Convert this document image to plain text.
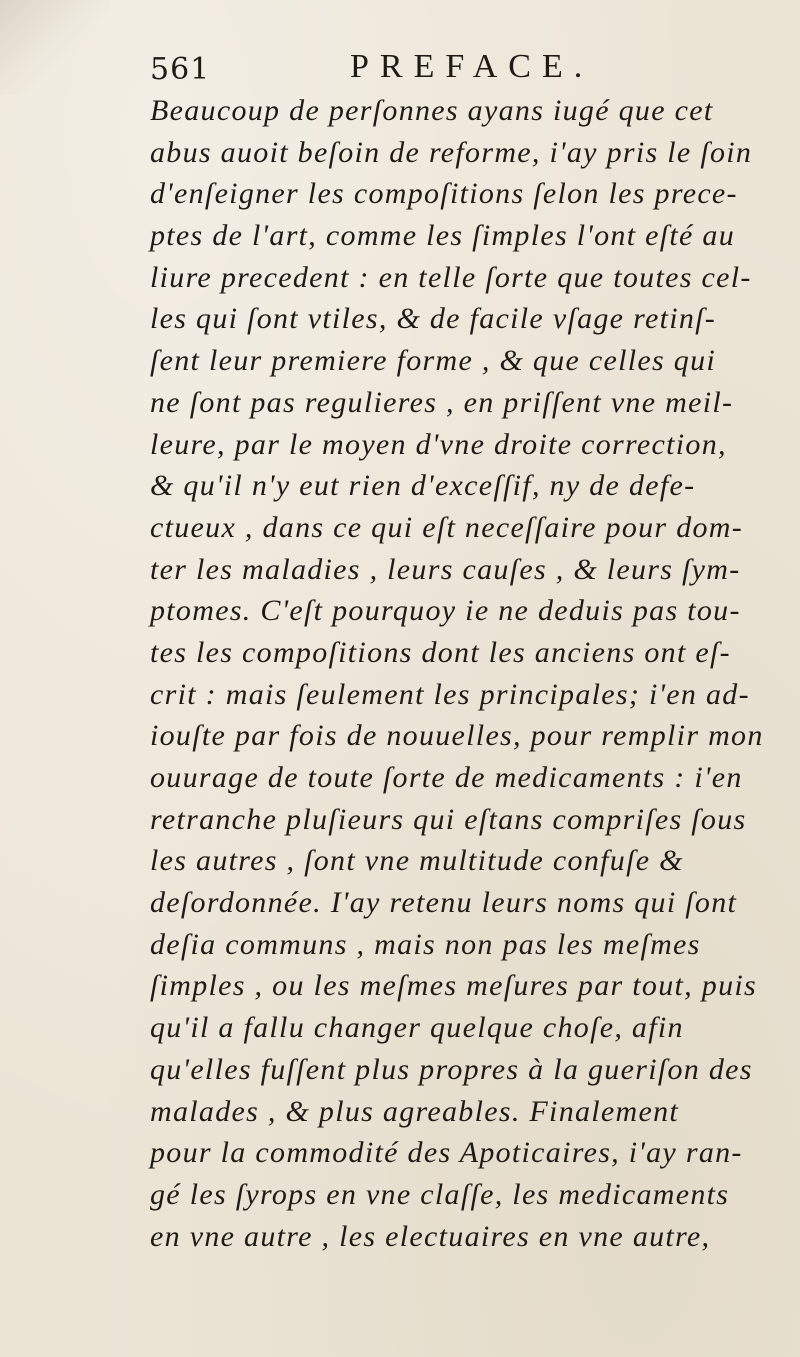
561	PREFACE.
Beaucoup de perſonnes ayans iugé que cet
abus auoit beſoin de reforme, i'ay pris le ſoin
d'enſeigner les compoſitions ſelon les prece-
ptes de l'art, comme les ſimples l'ont eſté au
liure precedent : en telle ſorte que toutes cel-
les qui ſont vtiles, & de facile vſage retinſ-
ſent leur premiere forme , & que celles qui
ne ſont pas regulieres , en priſſent vne meil-
leure, par le moyen d'vne droite correction,
& qu'il n'y eut rien d'exceſſif, ny de defe-
ctueux , dans ce qui eſt neceſſaire pour dom-
ter les maladies , leurs cauſes , & leurs ſym-
ptomes. C'eſt pourquoy ie ne deduis pas tou-
tes les compoſitions dont les anciens ont eſ-
crit : mais ſeulement les principales; i'en ad-
iouſte par fois de nouuelles, pour remplir mon
ouurage de toute ſorte de medicaments : i'en
retranche pluſieurs qui eſtans compriſes ſous
les autres , ſont vne multitude confuſe &
deſordonnée. I'ay retenu leurs noms qui ſont
deſia communs , mais non pas les meſmes
ſimples , ou les meſmes meſures par tout, puis
qu'il a fallu changer quelque choſe, afin
qu'elles fuſſent plus propres à la gueriſon des
malades , & plus agreables. Finalement
pour la commodité des Apoticaires, i'ay ran-
gé les ſyrops en vne claſſe, les medicaments
en vne autre , les electuaires en vne autre,
